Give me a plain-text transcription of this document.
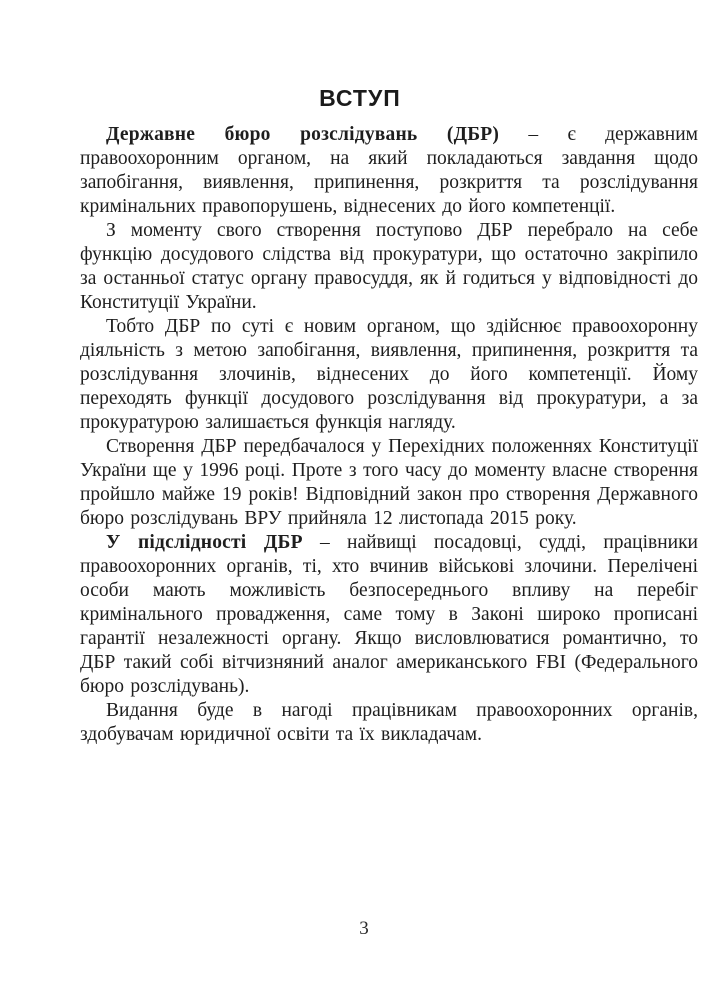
ВСТУП

Державне бюро розслідувань (ДБР) – є державним правоохоронним органом, на який покладаються завдання щодо запобігання, виявлення, припинення, розкриття та розслідування кримінальних правопорушень, віднесених до його компетенції.

З моменту свого створення поступово ДБР перебрало на себе функцію досудового слідства від прокуратури, що остаточно закріпило за останньої статус органу правосуддя, як й годиться у відповідності до Конституції України.

Тобто ДБР по суті є новим органом, що здійснює правоохоронну діяльність з метою запобігання, виявлення, припинення, розкриття та розслідування злочинів, віднесених до його компетенції. Йому переходять функції досудового розслідування від прокуратури, а за прокуратурою залишається функція нагляду.

Створення ДБР передбачалося у Перехідних положеннях Конституції України ще у 1996 році. Проте з того часу до моменту власне створення пройшло майже 19 років! Відповідний закон про створення Державного бюро розслідувань ВРУ прийняла 12 листопада 2015 року.

У підслідності ДБР – найвищі посадовці, судді, працівники правоохоронних органів, ті, хто вчинив військові злочини. Перелічені особи мають можливість безпосереднього впливу на перебіг кримінального провадження, саме тому в Законі широко прописані гарантії незалежності органу. Якщо висловлюватися романтично, то ДБР такий собі вітчизняний аналог американського FBI (Федерального бюро розслідувань).

Видання буде в нагоді працівникам правоохоронних органів, здобувачам юридичної освіти та їх викладачам.

3
